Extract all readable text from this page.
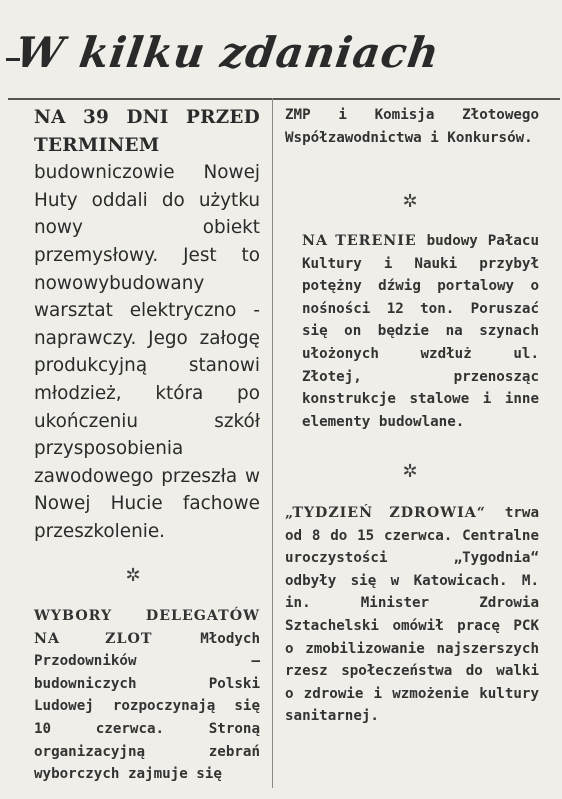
W kilku zdaniach

NA 39 DNI PRZED TERMINEM budowniczowie Nowej Huty oddali do użytku nowy obiekt przemysłowy. Jest to nowowybudowany warsztat elektryczno - naprawczy. Jego załogę produkcyjną stanowi młodzież, która po ukończeniu szkół przysposobienia zawodowego przeszła w Nowej Hucie fachowe przeszkolenie.

✲

WYBORY DELEGATÓW NA ZLOT Młodych Przodowników — budowniczych Polski Ludowej rozpoczynają się 10 czerwca. Stroną organizacyjną zebrań wyborczych zajmuje się

ZMP i Komisja Złotowego Współzawodnictwa i Konkursów.

✲

NA TERENIE budowy Pałacu Kultury i Nauki przybył potężny dźwig portalowy o nośności 12 ton. Poruszać się on będzie na szynach ułożonych wzdłuż ul. Złotej, przenosząc konstrukcje stalowe i inne elementy budowlane.

✲

„TYDZIEŃ ZDROWIA“ trwa od 8 do 15 czerwca. Centralne uroczystości „Tygodnia“ odbyły się w Katowicach. M. in. Minister Zdrowia Sztachelski omówił pracę PCK o zmobilizowanie najszerszych rzesz społeczeństwa do walki o zdrowie i wzmożenie kultury sanitarnej.
